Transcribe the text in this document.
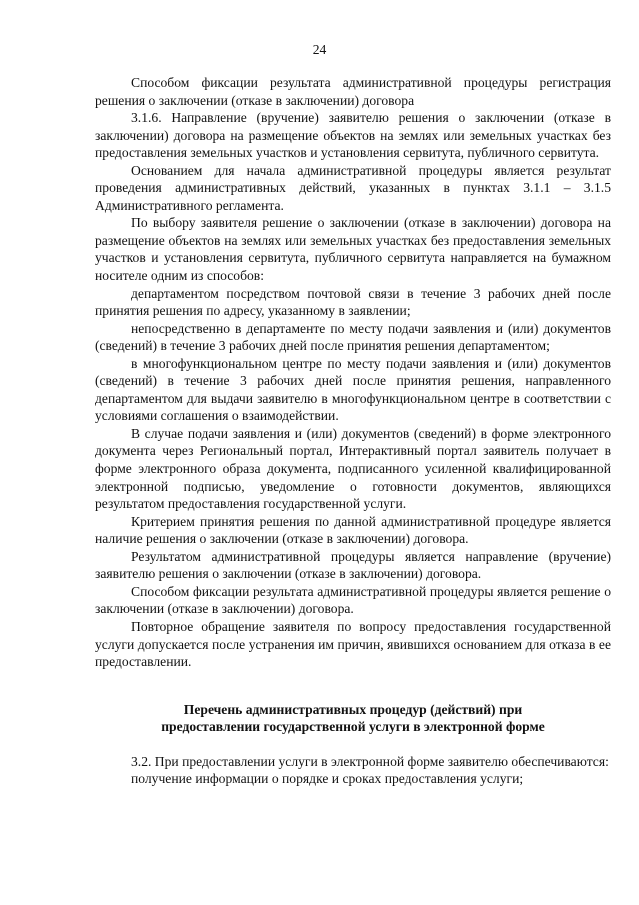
24

Способом фиксации результата административной процедуры регистрация решения о заключении (отказе в заключении) договора

3.1.6. Направление (вручение) заявителю решения о заключении (отказе в заключении) договора на размещение объектов на землях или земельных участках без предоставления земельных участков и установления сервитута, публичного сервитута.

Основанием для начала административной процедуры является результат проведения административных действий, указанных в пунктах 3.1.1 – 3.1.5 Административного регламента.

По выбору заявителя решение о заключении (отказе в заключении) договора на размещение объектов на землях или земельных участках без предоставления земельных участков и установления сервитута, публичного сервитута направляется на бумажном носителе одним из способов:

департаментом посредством почтовой связи в течение 3 рабочих дней после принятия решения по адресу, указанному в заявлении;

непосредственно в департаменте по месту подачи заявления и (или) документов (сведений) в течение 3 рабочих дней после принятия решения департаментом;

в многофункциональном центре по месту подачи заявления и (или) документов (сведений) в течение 3 рабочих дней после принятия решения, направленного департаментом для выдачи заявителю в многофункциональном центре в соответствии с условиями соглашения о взаимодействии.

В случае подачи заявления и (или) документов (сведений) в форме электронного документа через Региональный портал, Интерактивный портал заявитель получает в форме электронного образа документа, подписанного усиленной квалифицированной электронной подписью, уведомление о готовности документов, являющихся результатом предоставления государственной услуги.

Критерием принятия решения по данной административной процедуре является наличие решения о заключении (отказе в заключении) договора.

Результатом административной процедуры является направление (вручение) заявителю решения о заключении (отказе в заключении) договора.

Способом фиксации результата административной процедуры является решение о заключении (отказе в заключении) договора.

Повторное обращение заявителя по вопросу предоставления государственной услуги допускается после устранения им причин, явившихся основанием для отказа в ее предоставлении.

Перечень административных процедур (действий) при
предоставлении государственной услуги в электронной форме

3.2. При предоставлении услуги в электронной форме заявителю обеспечиваются:

получение информации о порядке и сроках предоставления услуги;
